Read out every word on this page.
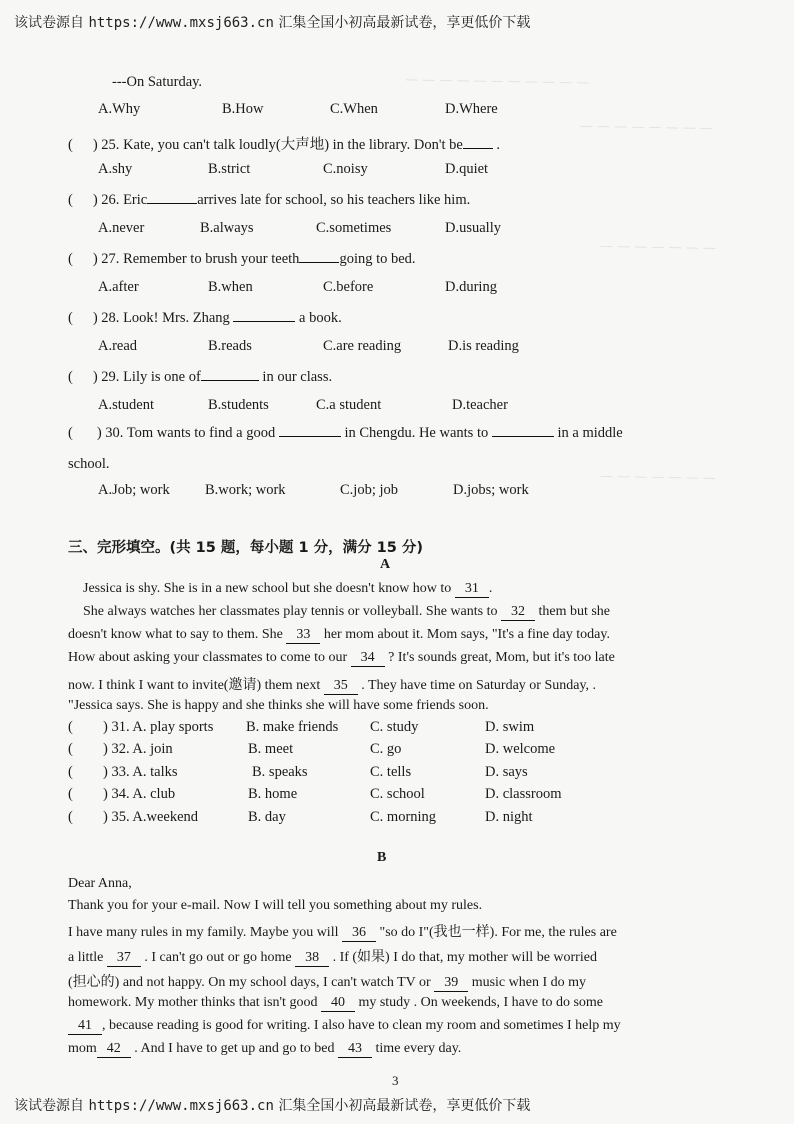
该试卷源自 https://www.mxsj663.cn 汇集全国小初高最新试卷，享更低价下载
— — — — — — — — — — —
— — — — — — — —
— — — — — — —
— — — — — — —
---On Saturday.
A.Why	B.How	C.When	D.Where
( ) 25. Kate, you can't talk loudly(大声地) in the library. Don't be .
A.shy	B.strict	C.noisy	D.quiet
( ) 26. Eric	arrives late for school, so his teachers like him.
A.never	B.always	C.sometimes	D.usually
( ) 27. Remember to brush your teeth	going to bed.
A.after	B.when	C.before	D.during
( ) 28. Look! Mrs. Zhang	a book.
A.read	B.reads	C.are reading	D.is reading
( ) 29. Lily is one of	in our class.
A.student	B.students	C.a student	D.teacher
( ) 30. Tom wants to find a good	in Chengdu. He wants to	in a middle
school.
A.Job; work B.work; work	C.job; job	D.jobs; work
三、完形填空。(共 15 题，每小题 1 分，满分 15 分)
A
Jessica is shy. She is in a new school but she doesn't know how to 31 .
She always watches her classmates play tennis or volleyball. She wants to 32 them but she
doesn't know what to say to them. She 33 her mom about it. Mom says, "It's a fine day today.
How about asking your classmates to come to our 34 ? It's sounds great, Mom, but it's too late
now. I think I want to invite(邀请) them next 35 . They have time on Saturday or Sunday, .
"Jessica says. She is happy and she thinks she will have some friends soon.
( ) 31. A. play sports B. make friends C. study	D. swim
( ) 32. A. join	B. meet	C. go	D. welcome
( ) 33. A. talks	B. speaks	C. tells	D. says
( ) 34. A. club	B. home	C. school	D. classroom
( ) 35. A.weekend	B. day	C. morning	D. night
B
Dear Anna,
Thank you for your e-mail. Now I will tell you something about my rules.
I have many rules in my family. Maybe you will 36 "so do I"(我也一样). For me, the rules are
a little 37 . I can't go out or go home 38 . If (如果) I do that, my mother will be worried
(担心的) and not happy. On my school days, I can't watch TV or 39 music when I do my
homework. My mother thinks that isn't good 40 my study . On weekends, I have to do some
41 , because reading is good for writing. I also have to clean my room and sometimes I help my
mom 42 . And I have to get up and go to bed 43 time every day.
3
该试卷源自 https://www.mxsj663.cn 汇集全国小初高最新试卷，享更低价下载
